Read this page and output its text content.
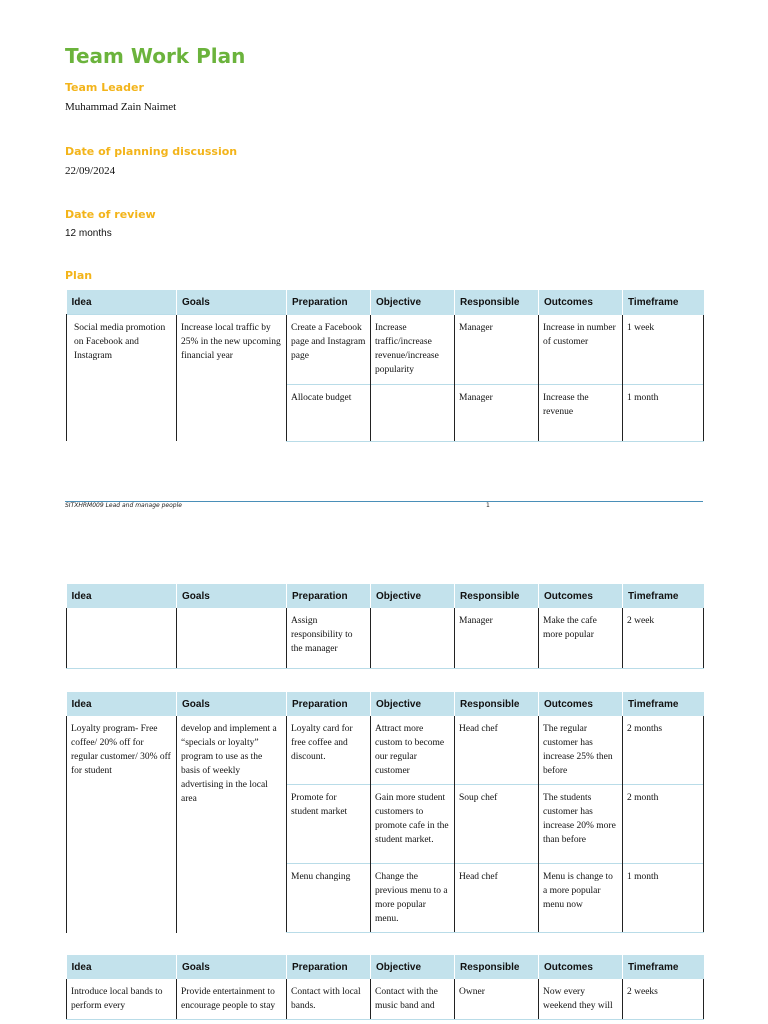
Team Work Plan
Team Leader
Muhammad Zain Naimet
Date of planning discussion
22/09/2024
Date of review
12 months
Plan
Idea	Goals	Preparation	Objective	Responsible	Outcomes	Timeframe
Social media promotion on Facebook and Instagram	Increase local traffic by 25% in the new upcoming financial year	Create a Facebook page and Instagram page	Increase traffic/increase revenue/increase popularity	Manager	Increase in number of customer	1 week
		Allocate budget		Manager	Increase the revenue	1 month
SITXHRM009 Lead and manage people	1
Idea	Goals	Preparation	Objective	Responsible	Outcomes	Timeframe
		Assign responsibility to the manager		Manager	Make the cafe more popular	2 week
Idea	Goals	Preparation	Objective	Responsible	Outcomes	Timeframe
Loyalty program- Free coffee/ 20% off for regular customer/ 30% off for student	develop and implement a “specials or loyalty” program to use as the basis of weekly advertising in the local area	Loyalty card for free coffee and discount.	Attract more custom to become our regular customer	Head chef	The regular customer has increase 25% then before	2 months
		Promote for student market	Gain more student customers to promote cafe in the student market.	Soup chef	The students customer has increase 20% more than before	2 month
		Menu changing	Change the previous menu to a more popular menu.	Head chef	Menu is change to a more popular menu now	1 month
Idea	Goals	Preparation	Objective	Responsible	Outcomes	Timeframe
Introduce local bands to perform every	Provide entertainment to encourage people to stay	Contact with local bands.	Contact with the music band and	Owner	Now every weekend they will	2 weeks
